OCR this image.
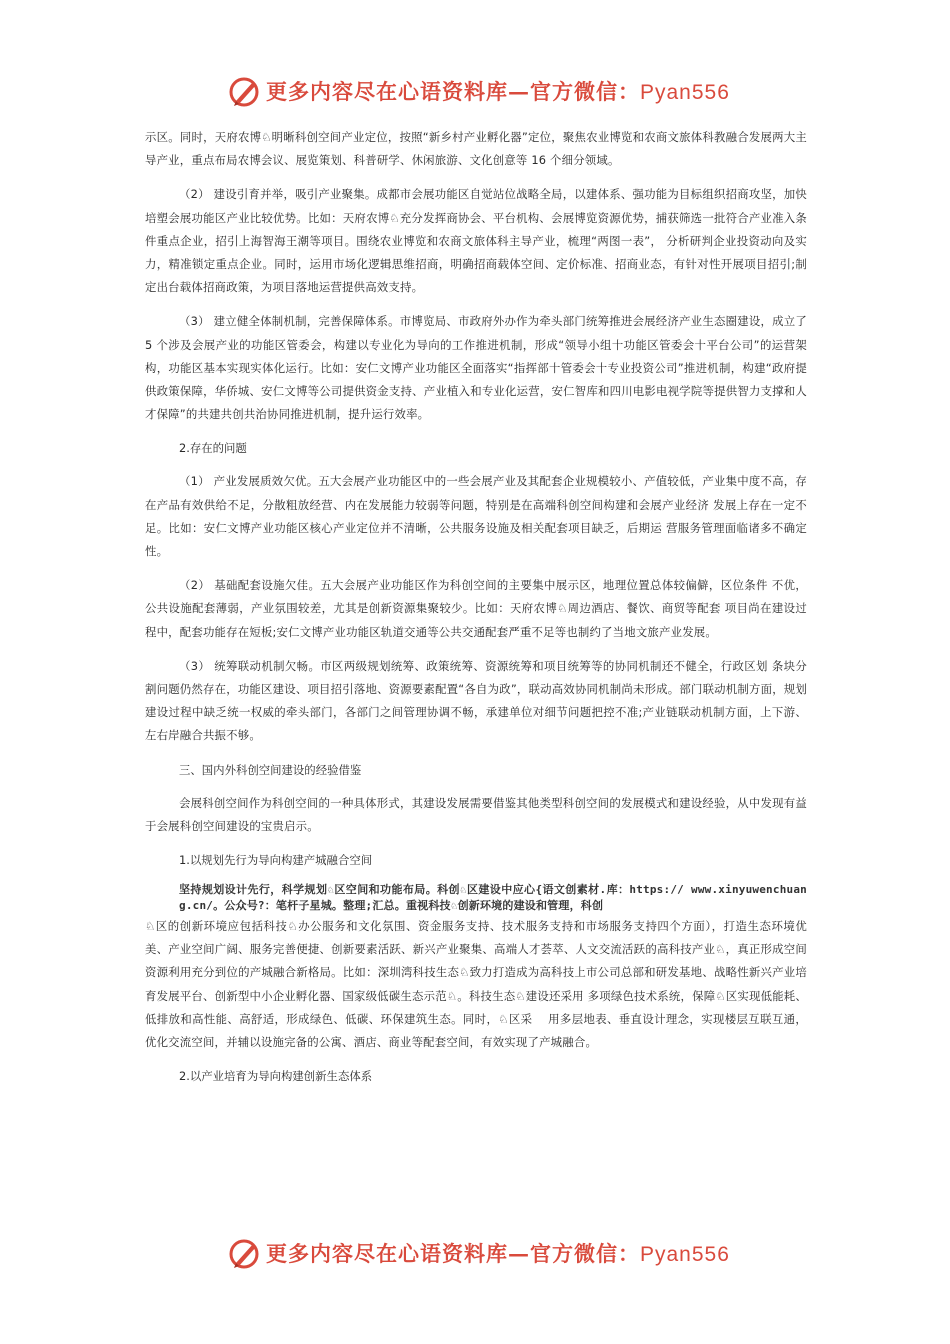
更多内容尽在心语资料库—官方微信：Pyan556

示区。同时，天府农博♘明晰科创空间产业定位，按照“新乡村产业孵化器”定位，聚焦农业博览和农商文旅体科教融合发展两大主导产业，重点布局农博会议、展览策划、科普研学、休闲旅游、文化创意等 16 个细分领域。

（2） 建设引育并举，吸引产业聚集。成都市会展功能区自觉站位战略全局，以建体系、强功能为目标组织招商攻坚，加快培塑会展功能区产业比较优势。比如：天府农博♘充分发挥商协会、平台机构、会展博览资源优势，捕获筛选一批符合产业准入条件重点企业，招引上海智海王潮等项目。围绕农业博览和农商文旅体科主导产业，梳理“两图一表”， 分析研判企业投资动向及实力，精准锁定重点企业。同时，运用市场化逻辑思维招商，明确招商载体空间、定价标准、招商业态，有针对性开展项目招引;制定出台载体招商政策，为项目落地运营提供高效支持。

（3） 建立健全体制机制，完善保障体系。市博览局、市政府外办作为牵头部门统筹推进会展经济产业生态圈建设，成立了 5 个涉及会展产业的功能区管委会，构建以专业化为导向的工作推进机制，形成“领导小组十功能区管委会十平台公司”的运营架构，功能区基本实现实体化运行。比如：安仁文博产业功能区全面落实“指挥部十管委会十专业投资公司”推进机制，构建“政府提供政策保障，华侨城、安仁文博等公司提供资金支持、产业植入和专业化运营，安仁智库和四川电影电视学院等提供智力支撑和人才保障”的共建共创共治协同推进机制，提升运行效率。

2.存在的问题

（1） 产业发展质效欠优。五大会展产业功能区中的一些会展产业及其配套企业规模较小、产值较低，产业集中度不高，存在产品有效供给不足，分散粗放经营、内在发展能力较弱等问题，特别是在高端科创空间构建和会展产业经济 发展上存在一定不足。比如：安仁文博产业功能区核心产业定位并不清晰，公共服务设施及相关配套项目缺乏，后期运 营服务管理面临诸多不确定性。

（2） 基础配套设施欠佳。五大会展产业功能区作为科创空间的主要集中展示区，地理位置总体较偏僻，区位条件 不优，公共设施配套薄弱，产业氛围较差，尤其是创新资源集聚较少。比如：天府农博♘周边酒店、餐饮、商贸等配套 项目尚在建设过程中，配套功能存在短板;安仁文博产业功能区轨道交通等公共交通配套严重不足等也制约了当地文旅产业发展。

（3） 统筹联动机制欠畅。市区两级规划统筹、政策统筹、资源统筹和项目统筹等的协同机制还不健全，行政区划 条块分割问题仍然存在，功能区建设、项目招引落地、资源要素配置“各自为政”，联动高效协同机制尚未形成。部门联动机制方面，规划建设过程中缺乏统一权威的牵头部门，各部门之间管理协调不畅，承建单位对细节问题把控不准;产业链联动机制方面，上下游、左右岸融合共振不够。

三、国内外科创空间建设的经验借鉴

会展科创空间作为科创空间的一种具体形式，其建设发展需要借鉴其他类型科创空间的发展模式和建设经验，从中发现有益于会展科创空间建设的宝贵启示。

1.以规划先行为导向构建产城融合空间

坚持规划设计先行，科学规划♘区空间和功能布局。科创♘区建设中应心{语文创素材.库：https:// www.xinyuwenchuang.cn/。公众号?：笔杆子星城。整理;汇总。重视科技♘创新环境的建设和管理，科创

♘区的创新环境应包括科技♘办公服务和文化氛围、资金服务支持、技术服务支持和市场服务支持四个方面），打造生态环境优美、产业空间广阔、服务完善便捷、创新要素活跃、新兴产业聚集、高端人才荟萃、人文交流活跃的高科技产业♘，真正形成空间资源利用充分到位的产城融合新格局。比如：深圳湾科技生态♘致力打造成为高科技上市公司总部和研发基地、战略性新兴产业培育发展平台、创新型中小企业孵化器、国家级低碳生态示范♘。科技生态♘建设还采用 多项绿色技术系统，保障♘区实现低能耗、低排放和高性能、高舒适，形成绿色、低碳、环保建筑生态。同时，♘区采　 用多层地表、垂直设计理念，实现楼层互联互通，优化交流空间，并辅以设施完备的公寓、酒店、商业等配套空间，有效实现了产城融合。

2.以产业培育为导向构建创新生态体系

更多内容尽在心语资料库—官方微信：Pyan556
